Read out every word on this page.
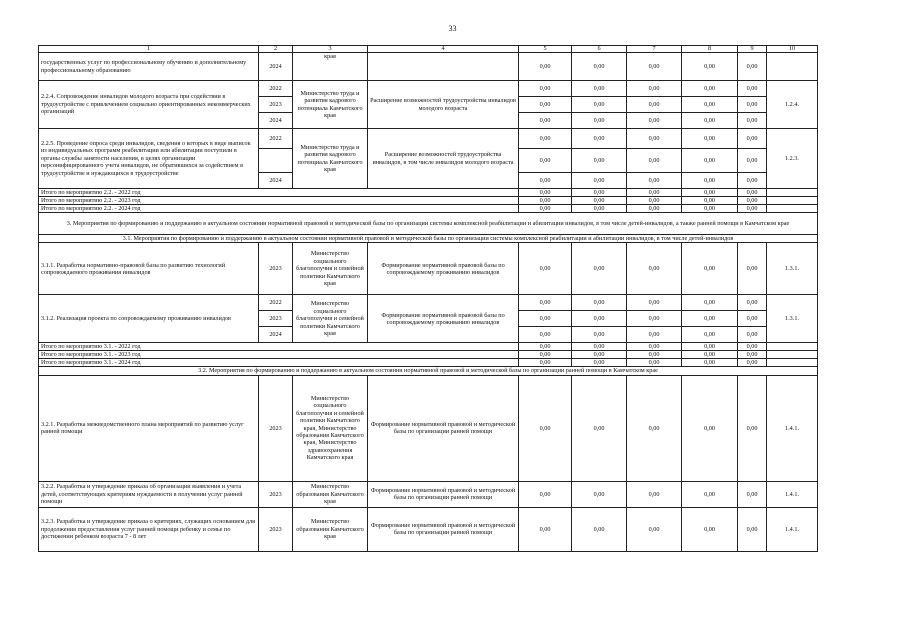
33
1	2	3	4	5	6	7	8	9	10
государственных услуг по профессиональному обучению и дополнительному профессиональному образованию	2024	края		0,00	0,00	0,00	0,00	0,00	
2.2.4. Сопровождение инвалидов молодого возраста при содействии в трудоустройстве с привлечением социально ориентированных некоммерческих организаций	2022	Министерство труда и развития кадрового потенциала Камчатского края	Расширение возможностей трудоустройства инвалидов молодого возраста	0,00	0,00	0,00	0,00	0,00	1.2.4.
	2023			0,00	0,00	0,00	0,00	0,00	
	2024			0,00	0,00	0,00	0,00	0,00	
2.2.5. Проведение опроса среди инвалидов, сведения о которых в виде выписок из индивидуальных программ реабилитации или абилитации поступили в органы службы занятости населения, в целях организации персонифицированного учета инвалидов, не обратившихся за содействием в трудоустройстве и нуждающихся в трудоустройстве	2022	Министерство труда и развития кадрового потенциала Камчатского края	Расширение возможностей трудоустройства инвалидов, в том числе инвалидов молодого возраста	0,00	0,00	0,00	0,00	0,00	1.2.3.
				0,00	0,00	0,00	0,00	0,00	
	2024			0,00	0,00	0,00	0,00	0,00	
Итого по мероприятию 2.2. - 2022 год				0,00	0,00	0,00	0,00	0,00	
Итого по мероприятию 2.2. - 2023 год				0,00	0,00	0,00	0,00	0,00	
Итого по мероприятию 2.2. - 2024 год				0,00	0,00	0,00	0,00	0,00	
3. Мероприятия по формированию и поддержанию в актуальном состоянии нормативной правовой и методической базы по организации системы комплексной реабилитации и абилитации инвалидов, в том числе детей-инвалидов, а также ранней помощи в Камчатском крае									
3.1. Мероприятия по формированию и поддержанию в актуальном состоянии нормативной правовой и методической базы по организации системы комплексной реабилитации и абилитации инвалидов, в том числе детей-инвалидов									
3.1.1. Разработка нормативно-правовой базы по развитию технологий сопровождаемого проживания инвалидов	2023	Министерство социального благополучия и семейной политики Камчатского края	Формирование нормативной правовой базы по сопровождаемому проживанию инвалидов	0,00	0,00	0,00	0,00	0,00	1.3.1.
3.1.2. Реализация проекта по сопровождаемому проживанию инвалидов	2022	Министерство социального благополучия и семейной политики Камчатского края	Формирование нормативной правовой базы по сопровождаемому проживанию инвалидов	0,00	0,00	0,00	0,00	0,00	1.3.1.
	2023			0,00	0,00	0,00	0,00	0,00	
	2024			0,00	0,00	0,00	0,00	0,00	
Итого по мероприятию 3.1. - 2022 год				0,00	0,00	0,00	0,00	0,00	
Итого по мероприятию 3.1. - 2023 год				0,00	0,00	0,00	0,00	0,00	
Итого по мероприятию 3.1. - 2024 год				0,00	0,00	0,00	0,00	0,00	
3.2. Мероприятия по формированию и поддержанию в актуальном состоянии нормативной правовой и методической базы по организации ранней помощи в Камчатском крае									
3.2.1. Разработка межведомственного плана мероприятий по развитию услуг ранней помощи	2023	Министерство социального благополучия и семейной политики Камчатского края, Министерство образования Камчатского края, Министерство здравоохранения Камчатского края	Формирование нормативной правовой и методической базы по организации ранней помощи	0,00	0,00	0,00	0,00	0,00	1.4.1.
3.2.2. Разработка и утверждение приказа об организации выявления и учета детей, соответствующих критериям нуждаемости в получении услуг ранней помощи	2023	Министерство образования Камчатского края	Формирование нормативной правовой и методической базы по организации ранней помощи	0,00	0,00	0,00	0,00	0,00	1.4.1.
3.2.3. Разработка и утверждение приказа о критериях, служащих основанием для продолжения предоставления услуг ранней помощи ребенку и семье по достижении ребенком возраста 7 - 8 лет	2023	Министерство образования Камчатского края	Формирование нормативной правовой и методической базы по организации ранней помощи	0,00	0,00	0,00	0,00	0,00	1.4.1.
